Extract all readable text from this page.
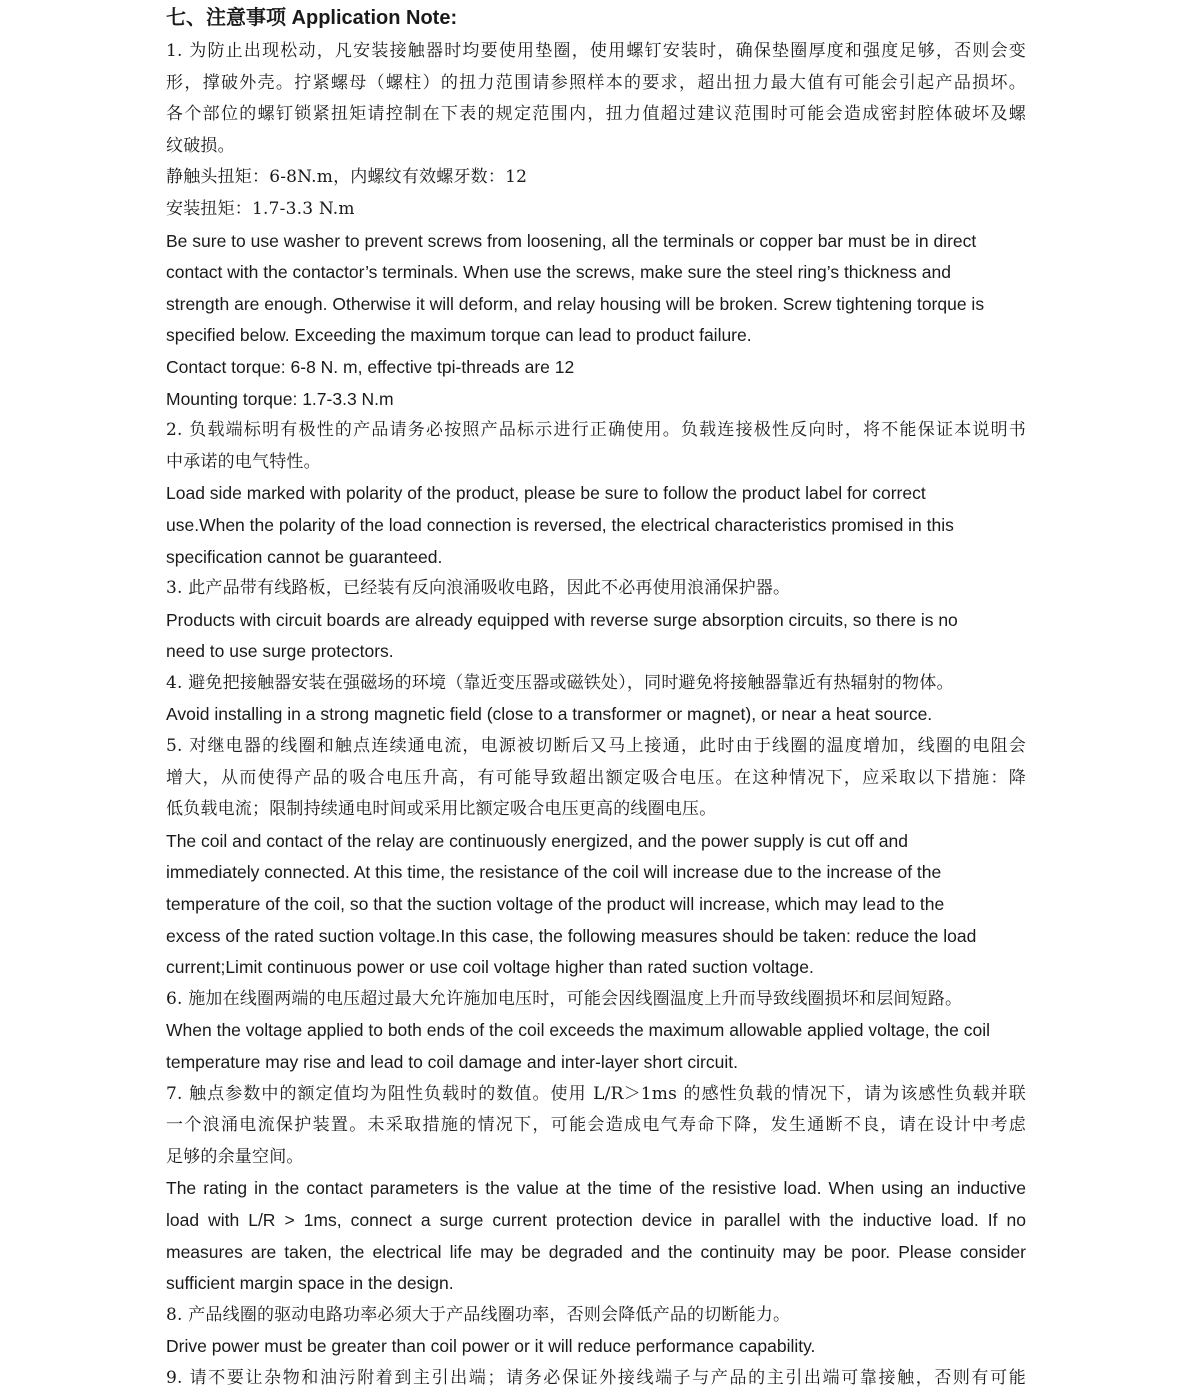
七、注意事项 Application Note:

1. 为防止出现松动，凡安装接触器时均要使用垫圈，使用螺钉安装时，确保垫圈厚度和强度足够，否则会变

形，撑破外壳。拧紧螺母（螺柱）的扭力范围请参照样本的要求，超出扭力最大值有可能会引起产品损坏。

各个部位的螺钉锁紧扭矩请控制在下表的规定范围内，扭力值超过建议范围时可能会造成密封腔体破坏及螺

纹破损。

静触头扭矩：6-8N.m，内螺纹有效螺牙数：12

安装扭矩：1.7-3.3 N.m

Be sure to use washer to prevent screws from loosening, all the terminals or copper bar must be in direct

contact with the contactor’s terminals. When use the screws, make sure the steel ring’s thickness and

strength are enough. Otherwise it will deform, and relay housing will be broken. Screw tightening torque is

specified below. Exceeding the maximum torque can lead to product failure.

Contact torque: 6-8 N. m, effective tpi-threads are 12

Mounting torque: 1.7-3.3 N.m

2. 负载端标明有极性的产品请务必按照产品标示进行正确使用。负载连接极性反向时，将不能保证本说明书

中承诺的电气特性。

Load side marked with polarity of the product, please be sure to follow the product label for correct

use.When the polarity of the load connection is reversed, the electrical characteristics promised in this

specification cannot be guaranteed.

3. 此产品带有线路板，已经装有反向浪涌吸收电路，因此不必再使用浪涌保护器。

Products with circuit boards are already equipped with reverse surge absorption circuits, so there is no

need to use surge protectors.

4. 避免把接触器安装在强磁场的环境（靠近变压器或磁铁处），同时避免将接触器靠近有热辐射的物体。

Avoid installing in a strong magnetic field (close to a transformer or magnet), or near a heat source.

5. 对继电器的线圈和触点连续通电流，电源被切断后又马上接通，此时由于线圈的温度增加，线圈的电阻会

增大，从而使得产品的吸合电压升高，有可能导致超出额定吸合电压。在这种情况下，应采取以下措施：降

低负载电流；限制持续通电时间或采用比额定吸合电压更高的线圈电压。

The coil and contact of the relay are continuously energized, and the power supply is cut off and

immediately connected. At this time, the resistance of the coil will increase due to the increase of the

temperature of the coil, so that the suction voltage of the product will increase, which may lead to the

excess of the rated suction voltage.In this case, the following measures should be taken: reduce the load

current;Limit continuous power or use coil voltage higher than rated suction voltage.

6. 施加在线圈两端的电压超过最大允许施加电压时，可能会因线圈温度上升而导致线圈损坏和层间短路。

When the voltage applied to both ends of the coil exceeds the maximum allowable applied voltage, the coil

temperature may rise and lead to coil damage and inter-layer short circuit.

7. 触点参数中的额定值均为阻性负载时的数值。使用 L/R＞1ms 的感性负载的情况下，请为该感性负载并联

一个浪涌电流保护装置。未采取措施的情况下，可能会造成电气寿命下降，发生通断不良，请在设计中考虑

足够的余量空间。

The rating in the contact parameters is the value at the time of the resistive load. When using an inductive

load with L/R > 1ms, connect a surge current protection device in parallel with the inductive load. If no

measures are taken, the electrical life may be degraded and the continuity may be poor. Please consider

sufficient margin space in the design.

8. 产品线圈的驱动电路功率必须大于产品线圈功率，否则会降低产品的切断能力。

Drive power must be greater than coil power or it will reduce performance capability.

9. 请不要让杂物和油污附着到主引出端；请务必保证外接线端子与产品的主引出端可靠接触，否则有可能
